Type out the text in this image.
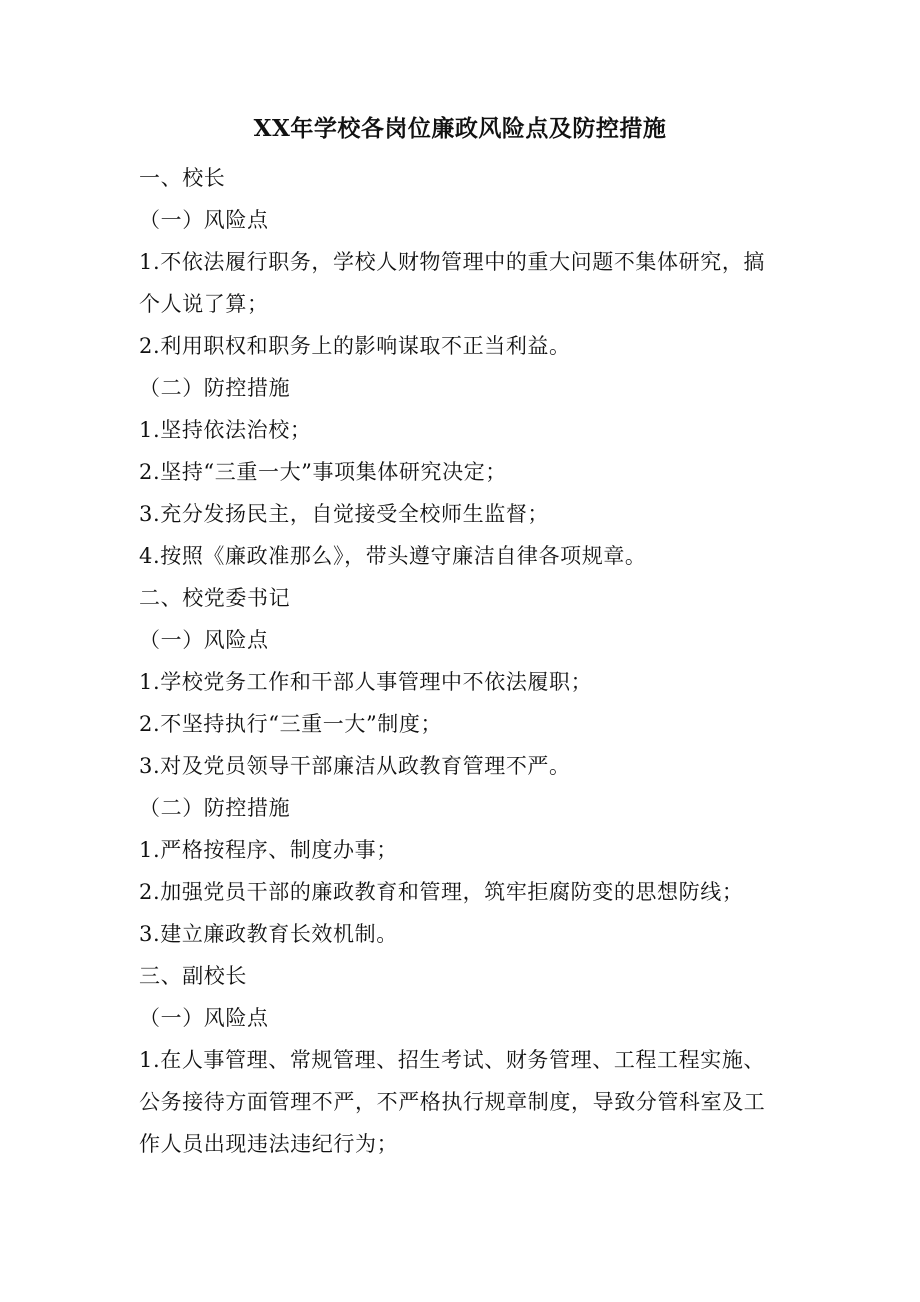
XX年学校各岗位廉政风险点及防控措施
一、校长
（一）风险点
1.不依法履行职务，学校人财物管理中的重大问题不集体研究，搞
个人说了算；
2.利用职权和职务上的影响谋取不正当利益。
（二）防控措施
1.坚持依法治校；
2.坚持“三重一大”事项集体研究决定；
3.充分发扬民主，自觉接受全校师生监督；
4.按照《廉政准那么》，带头遵守廉洁自律各项规章。
二、校党委书记
（一）风险点
1.学校党务工作和干部人事管理中不依法履职；
2.不坚持执行“三重一大”制度；
3.对及党员领导干部廉洁从政教育管理不严。
（二）防控措施
1.严格按程序、制度办事；
2.加强党员干部的廉政教育和管理，筑牢拒腐防变的思想防线；
3.建立廉政教育长效机制。
三、副校长
（一）风险点
1.在人事管理、常规管理、招生考试、财务管理、工程工程实施、
公务接待方面管理不严，不严格执行规章制度，导致分管科室及工
作人员出现违法违纪行为；
